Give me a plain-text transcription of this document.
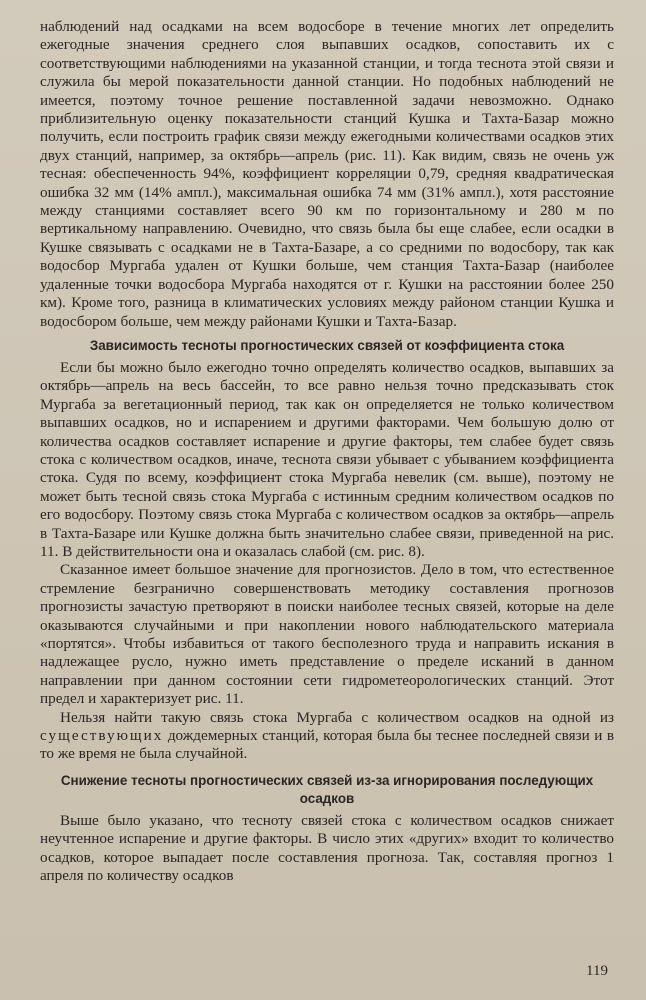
наблюдений над осадками на всем водосборе в течение многих лет определить ежегодные значения среднего слоя выпавших осадков, сопоставить их с соответствующими наблюдениями на указанной станции, и тогда теснота этой связи и служила бы мерой показательности данной станции. Но подобных наблюдений не имеется, поэтому точное решение поставленной задачи невозможно. Однако приблизительную оценку показательности станций Кушка и Тахта-Базар можно получить, если построить график связи между ежегодными количествами осадков этих двух станций, например, за октябрь—апрель (рис. 11). Как видим, связь не очень уж тесная: обеспеченность 94%, коэффициент корреляции 0,79, средняя квадратическая ошибка 32 мм (14% ампл.), максимальная ошибка 74 мм (31% ампл.), хотя расстояние между станциями составляет всего 90 км по горизонтальному и 280 м по вертикальному направлению. Очевидно, что связь была бы еще слабее, если осадки в Кушке связывать с осадками не в Тахта-Базаре, а со средними по водосбору, так как водосбор Мургаба удален от Кушки больше, чем станция Тахта-Базар (наиболее удаленные точки водосбора Мургаба находятся от г. Кушки на расстоянии более 250 км). Кроме того, разница в климатических условиях между районом станции Кушка и водосбором больше, чем между районами Кушки и Тахта-Базар.

Зависимость тесноты прогностических связей от коэффициента стока

Если бы можно было ежегодно точно определять количество осадков, выпавших за октябрь—апрель на весь бассейн, то все равно нельзя точно предсказывать сток Мургаба за вегетационный период, так как он определяется не только количеством выпавших осадков, но и испарением и другими факторами. Чем большую долю от количества осадков составляет испарение и другие факторы, тем слабее будет связь стока с количеством осадков, иначе, теснота связи убывает с убыванием коэффициента стока. Судя по всему, коэффициент стока Мургаба невелик (см. выше), поэтому не может быть тесной связь стока Мургаба с истинным средним количеством осадков по его водосбору. Поэтому связь стока Мургаба с количеством осадков за октябрь—апрель в Тахта-Базаре или Кушке должна быть значительно слабее связи, приведенной на рис. 11. В действительности она и оказалась слабой (см. рис. 8).

Сказанное имеет большое значение для прогнозистов. Дело в том, что естественное стремление безгранично совершенствовать методику составления прогнозов прогнозисты зачастую претворяют в поиски наиболее тесных связей, которые на деле оказываются случайными и при накоплении нового наблюдательского материала «портятся». Чтобы избавиться от такого бесполезного труда и направить искания в надлежащее русло, нужно иметь представление о пределе исканий в данном направлении при данном состоянии сети гидрометеорологических станций. Этот предел и характеризует рис. 11.

Нельзя найти такую связь стока Мургаба с количеством осадков на одной из существующих дождемерных станций, которая была бы теснее последней связи и в то же время не была случайной.

Снижение тесноты прогностических связей из-за игнорирования последующих осадков

Выше было указано, что тесноту связей стока с количеством осадков снижает неучтенное испарение и другие факторы. В число этих «других» входит то количество осадков, которое выпадает после составления прогноза. Так, составляя прогноз 1 апреля по количеству осадков

119
